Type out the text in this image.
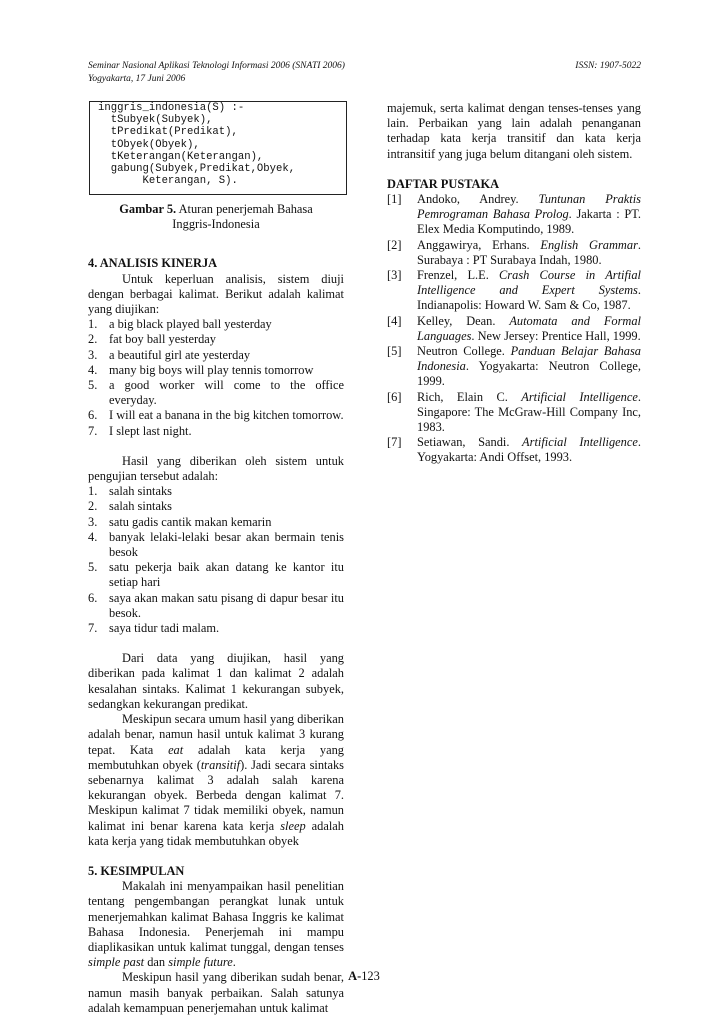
Seminar Nasional Aplikasi Teknologi Informasi 2006 (SNATI 2006)	ISSN: 1907-5022
Yogyakarta, 17 Juni 2006
inggris_indonesia(S) :-
tSubyek(Subyek),
tPredikat(Predikat),
tObyek(Obyek),
tKeterangan(Keterangan),
gabung(Subyek,Predikat,Obyek,
Keterangan, S).
Gambar 5. Aturan penerjemah Bahasa Inggris-Indonesia
4. ANALISIS KINERJA

Untuk keperluan analisis, sistem diuji dengan berbagai kalimat. Berikut adalah kalimat yang diujikan:

1. a big black played ball yesterday
2. fat boy ball yesterday
3. a beautiful girl ate yesterday
4. many big boys will play tennis tomorrow
5. a good worker will come to the office everyday.
6. I will eat a banana in the big kitchen tomorrow.
7. I slept last night.

Hasil yang diberikan oleh sistem untuk pengujian tersebut adalah:

1. salah sintaks
2. salah sintaks
3. satu gadis cantik makan kemarin
4. banyak lelaki-lelaki besar akan bermain tenis besok
5. satu pekerja baik akan datang ke kantor itu setiap hari
6. saya akan makan satu pisang di dapur besar itu besok.
7. saya tidur tadi malam.

Dari data yang diujikan, hasil yang diberikan pada kalimat 1 dan kalimat 2 adalah kesalahan sintaks. Kalimat 1 kekurangan subyek, sedangkan kekurangan predikat.

Meskipun secara umum hasil yang diberikan adalah benar, namun hasil untuk kalimat 3 kurang tepat. Kata eat adalah kata kerja yang membutuhkan obyek (transitif). Jadi secara sintaks sebenarnya kalimat 3 adalah salah karena kekurangan obyek. Berbeda dengan kalimat 7. Meskipun kalimat 7 tidak memiliki obyek, namun kalimat ini benar karena kata kerja sleep adalah kata kerja yang tidak membutuhkan obyek

5. KESIMPULAN

Makalah ini menyampaikan hasil penelitian tentang pengembangan perangkat lunak untuk menerjemahkan kalimat Bahasa Inggris ke kalimat Bahasa Indonesia. Penerjemah ini mampu diaplikasikan untuk kalimat tunggal, dengan tenses simple past dan simple future.

Meskipun hasil yang diberikan sudah benar, namun masih banyak perbaikan. Salah satunya adalah kemampuan penerjemahan untuk kalimat

majemuk, serta kalimat dengan tenses-tenses yang lain. Perbaikan yang lain adalah penanganan terhadap kata kerja transitif dan kata kerja intransitif yang juga belum ditangani oleh sistem.

DAFTAR PUSTAKA
[1]	Andoko, Andrey. Tuntunan Praktis Pemrograman Bahasa Prolog. Jakarta : PT. Elex Media Komputindo, 1989.
[2]	Anggawirya, Erhans. English Grammar. Surabaya : PT Surabaya Indah, 1980.
[3]	Frenzel, L.E. Crash Course in Artifial Intelligence and Expert Systems. Indianapolis: Howard W. Sam & Co, 1987.
[4]	Kelley, Dean. Automata and Formal Languages. New Jersey: Prentice Hall, 1999.
[5]	Neutron College. Panduan Belajar Bahasa Indonesia. Yogyakarta: Neutron College, 1999.
[6]	Rich, Elain C. Artificial Intelligence. Singapore: The McGraw-Hill Company Inc, 1983.
[7]	Setiawan, Sandi. Artificial Intelligence. Yogyakarta: Andi Offset, 1993.
A-123
